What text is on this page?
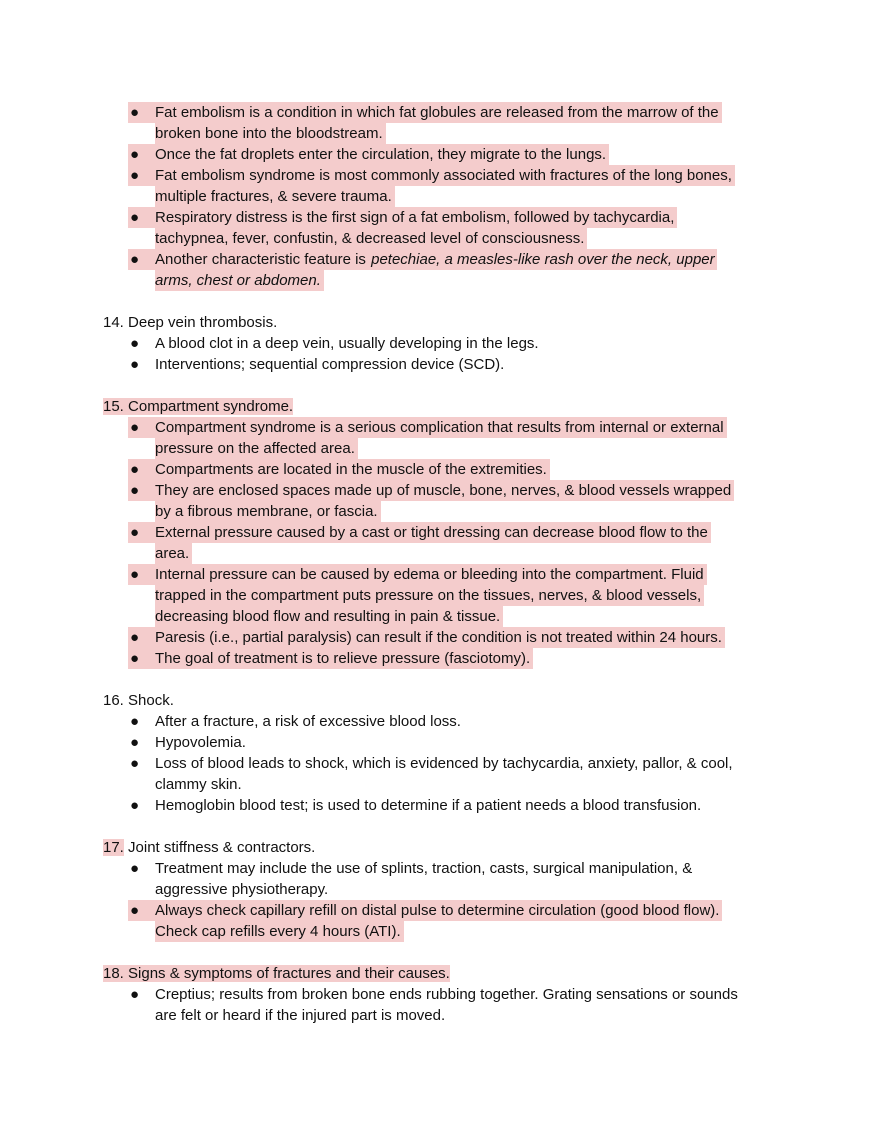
● Fat embolism is a condition in which fat globules are released from the marrow of the
broken bone into the bloodstream.
● Once the fat droplets enter the circulation, they migrate to the lungs.
● Fat embolism syndrome is most commonly associated with fractures of the long bones,
multiple fractures, & severe trauma.
● Respiratory distress is the first sign of a fat embolism, followed by tachycardia,
tachypnea, fever, confustin, & decreased level of consciousness.
● Another characteristic feature is petechiae, a measles-like rash over the neck, upper
arms, chest or abdomen.
14. Deep vein thrombosis.
● A blood clot in a deep vein, usually developing in the legs.
● Interventions; sequential compression device (SCD).
15. Compartment syndrome.
● Compartment syndrome is a serious complication that results from internal or external
pressure on the affected area.
● Compartments are located in the muscle of the extremities.
● They are enclosed spaces made up of muscle, bone, nerves, & blood vessels wrapped
by a fibrous membrane, or fascia.
● External pressure caused by a cast or tight dressing can decrease blood flow to the
area.
● Internal pressure can be caused by edema or bleeding into the compartment. Fluid
trapped in the compartment puts pressure on the tissues, nerves, & blood vessels,
decreasing blood flow and resulting in pain & tissue.
● Paresis (i.e., partial paralysis) can result if the condition is not treated within 24 hours.
● The goal of treatment is to relieve pressure (fasciotomy).
16. Shock.
● After a fracture, a risk of excessive blood loss.
● Hypovolemia.
● Loss of blood leads to shock, which is evidenced by tachycardia, anxiety, pallor, & cool,
clammy skin.
● Hemoglobin blood test; is used to determine if a patient needs a blood transfusion.
17. Joint stiffness & contractors.
● Treatment may include the use of splints, traction, casts, surgical manipulation, &
aggressive physiotherapy.
● Always check capillary refill on distal pulse to determine circulation (good blood flow).
Check cap refills every 4 hours (ATI).
18. Signs & symptoms of fractures and their causes.
● Creptius; results from broken bone ends rubbing together. Grating sensations or sounds
are felt or heard if the injured part is moved.
